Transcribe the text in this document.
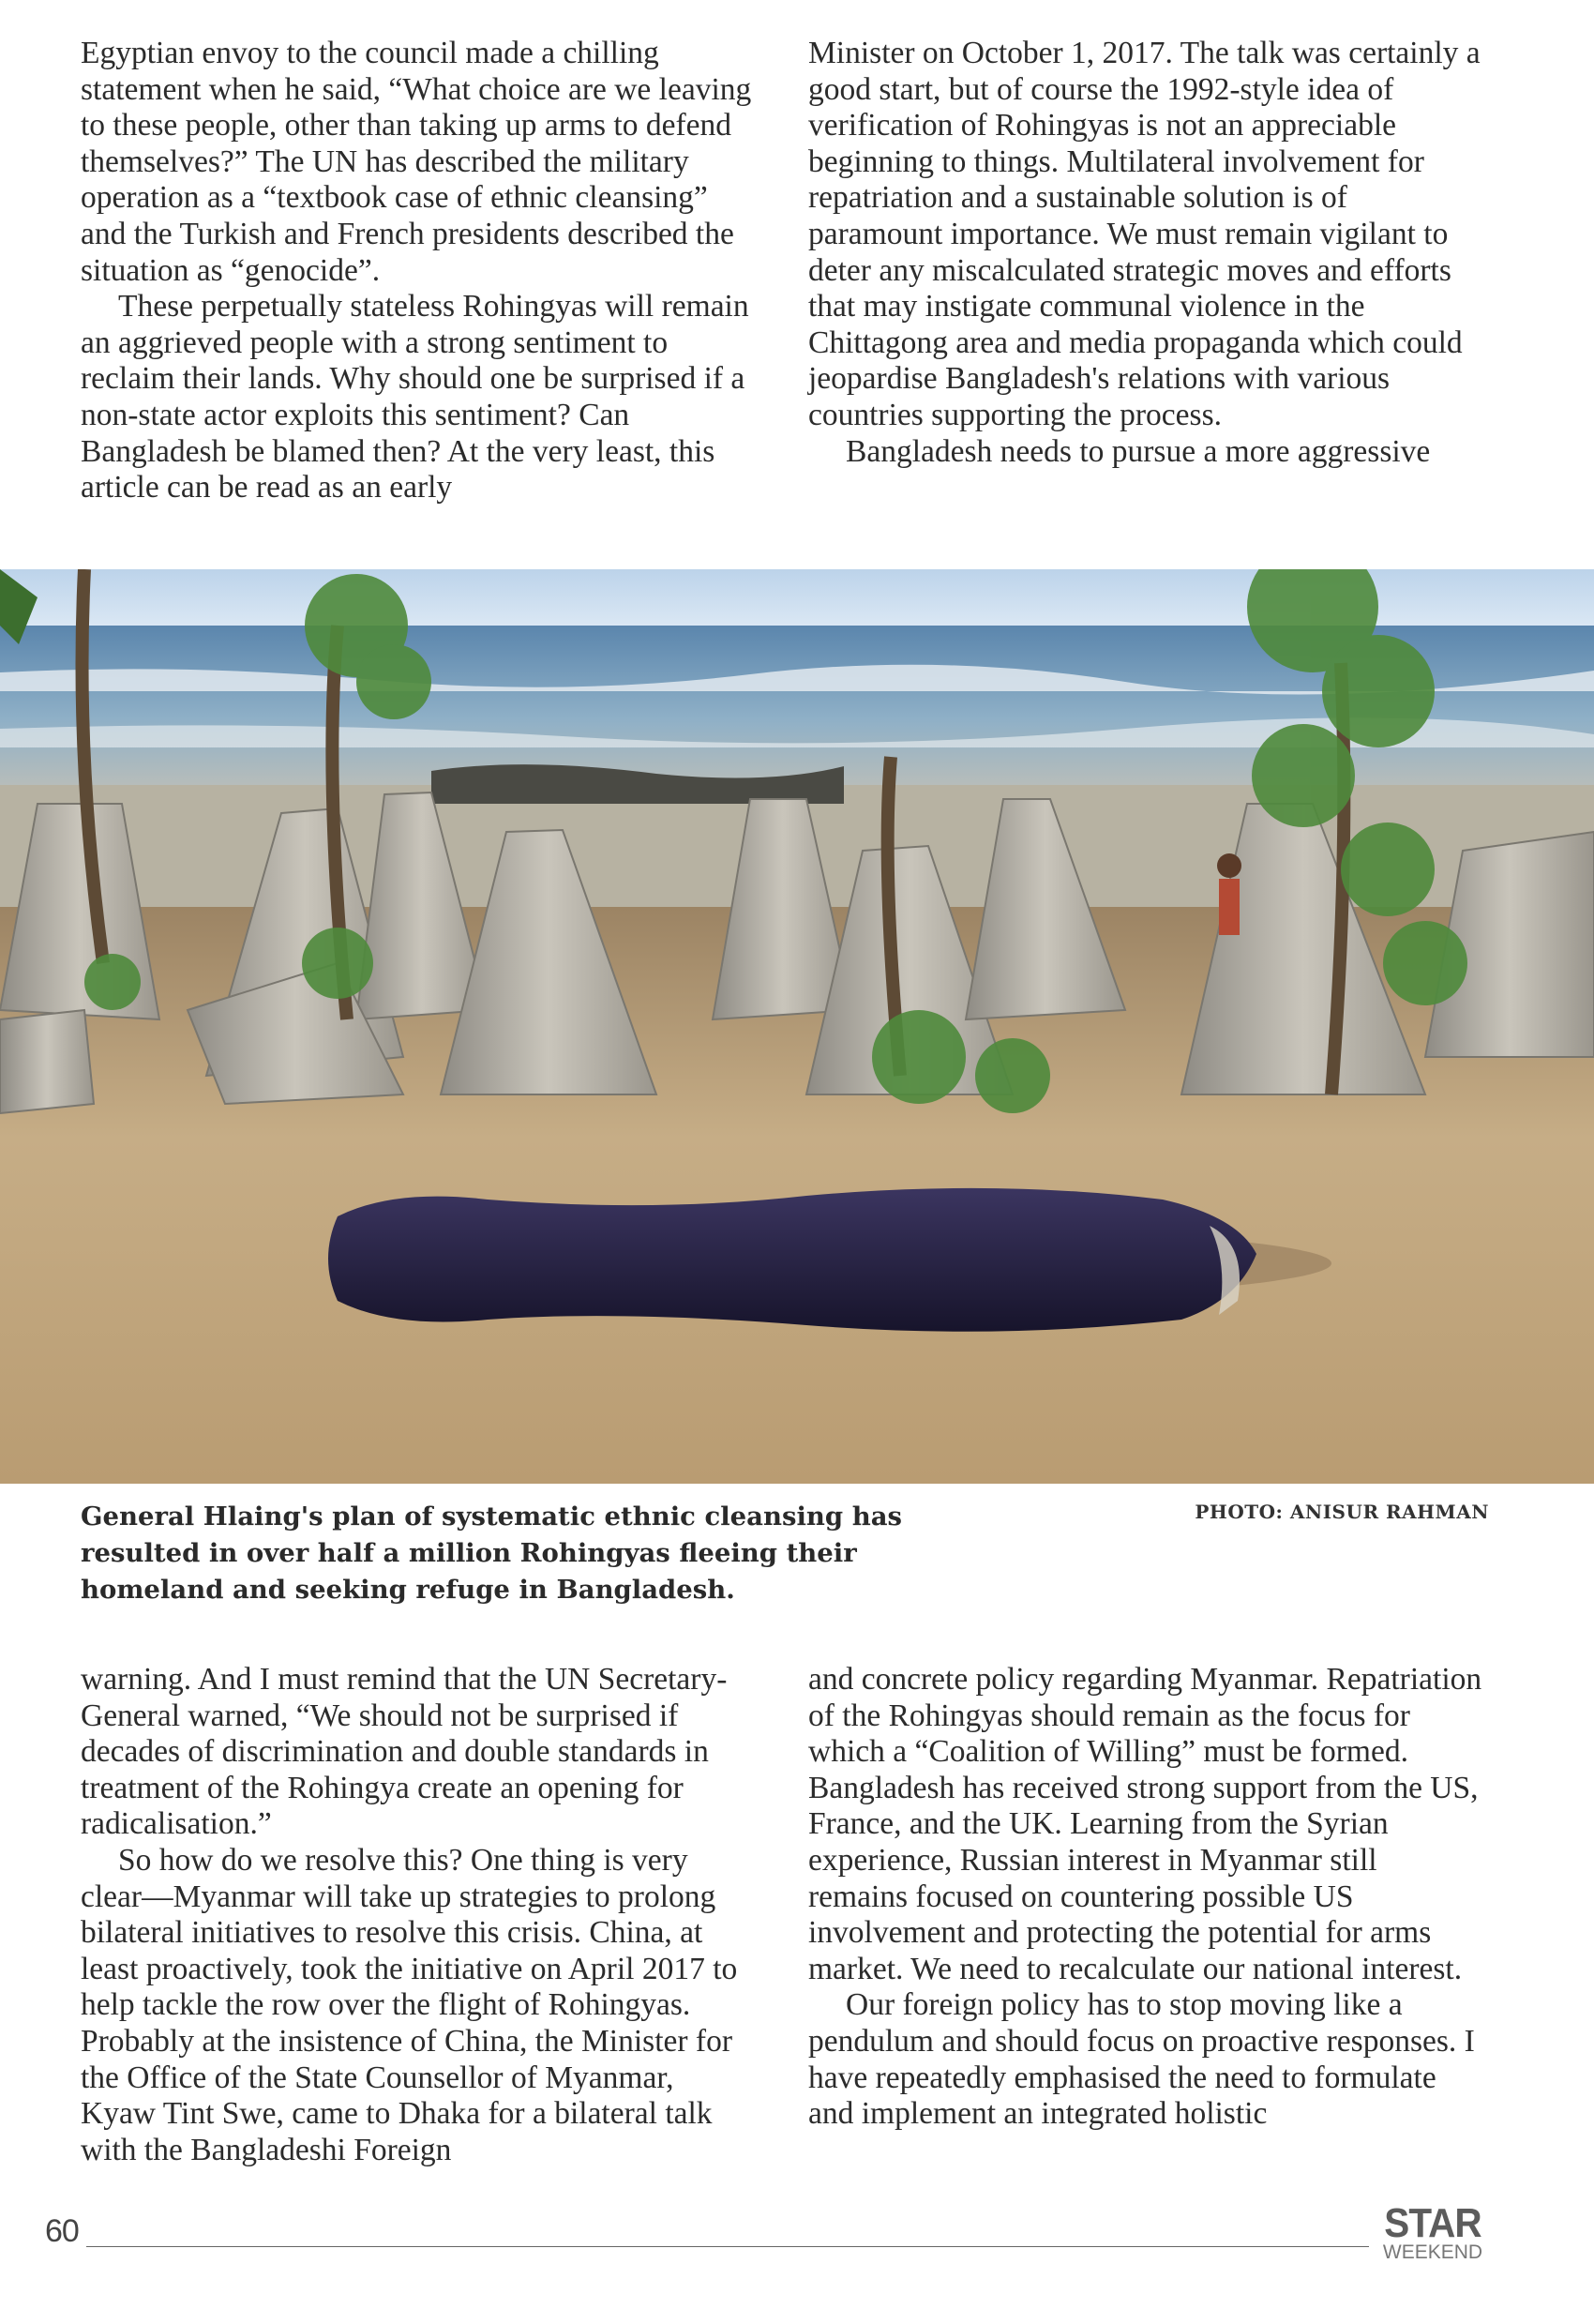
Egyptian envoy to the council made a chilling statement when he said, “What choice are we leaving to these people, other than taking up arms to defend themselves?” The UN has described the military operation as a “textbook case of ethnic cleansing” and the Turkish and French presidents described the situation as “genocide”.

These perpetually stateless Rohingyas will remain an aggrieved people with a strong sentiment to reclaim their lands. Why should one be surprised if a non-state actor exploits this sentiment? Can Bangladesh be blamed then? At the very least, this article can be read as an early

Minister on October 1, 2017. The talk was certainly a good start, but of course the 1992-style idea of verification of Rohingyas is not an appreciable beginning to things. Multilateral involvement for repatriation and a sustainable solution is of paramount importance. We must remain vigilant to deter any miscalculated strategic moves and efforts that may instigate communal violence in the Chittagong area and media propaganda which could jeopardise Bangladesh's relations with various countries supporting the process.

Bangladesh needs to pursue a more aggressive

General Hlaing's plan of systematic ethnic cleansing has resulted in over half a million Rohingyas fleeing their homeland and seeking refuge in Bangladesh.
PHOTO: ANISUR RAHMAN

warning. And I must remind that the UN Secretary-General warned, “We should not be surprised if decades of discrimination and double standards in treatment of the Rohingya create an opening for radicalisation.”

So how do we resolve this? One thing is very clear—Myanmar will take up strategies to prolong bilateral initiatives to resolve this crisis. China, at least proactively, took the initiative on April 2017 to help tackle the row over the flight of Rohingyas. Probably at the insistence of China, the Minister for the Office of the State Counsellor of Myanmar, Kyaw Tint Swe, came to Dhaka for a bilateral talk with the Bangladeshi Foreign

and concrete policy regarding Myanmar. Repatriation of the Rohingyas should remain as the focus for which a “Coalition of Willing” must be formed. Bangladesh has received strong support from the US, France, and the UK. Learning from the Syrian experience, Russian interest in Myanmar still remains focused on countering possible US involvement and protecting the potential for arms market. We need to recalculate our national interest.

Our foreign policy has to stop moving like a pendulum and should focus on proactive responses. I have repeatedly emphasised the need to formulate and implement an integrated holistic

60	STAR
WEEKEND
